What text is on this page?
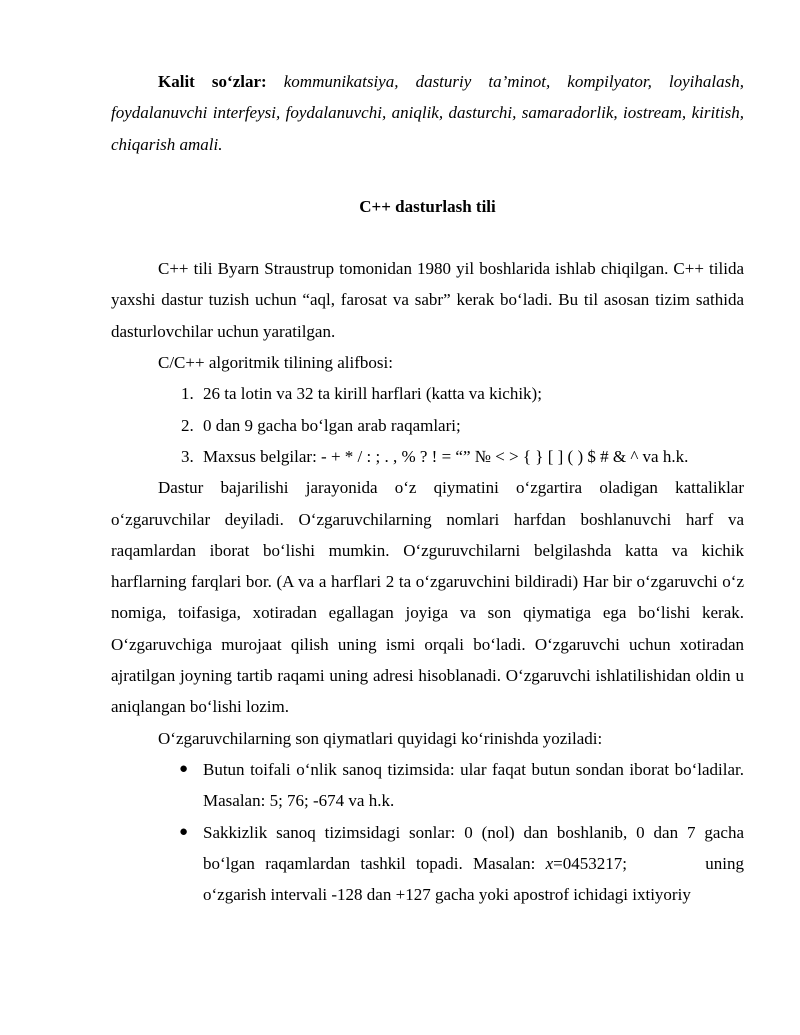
Kalit so‘zlar: kommunikatsiya, dasturiy ta’minot, kompilyator, loyihalash, foydalanuvchi interfeysi, foydalanuvchi, aniqlik, dasturchi, samaradorlik, iostream, kiritish, chiqarish amali.

C++ dasturlash tili

C++ tili Byarn Straustrup tomonidan 1980 yil boshlarida ishlab chiqilgan. C++ tilida yaxshi dastur tuzish uchun “aql, farosat va sabr” kerak bo‘ladi. Bu til asosan tizim sathida dasturlovchilar uchun yaratilgan.

C/C++ algoritmik tilining alifbosi:

1. 26 ta lotin va 32 ta kirill harflari (katta va kichik);
2. 0 dan 9 gacha bo‘lgan arab raqamlari;
3. Maxsus belgilar: - + * / : ; . , % ? ! = “” № < > { } [ ] ( ) $ # & ^ va h.k.

Dastur bajarilishi jarayonida o‘z qiymatini o‘zgartira oladigan kattaliklar o‘zgaruvchilar deyiladi. O‘zgaruvchilarning nomlari harfdan boshlanuvchi harf va raqamlardan iborat bo‘lishi mumkin. O‘zguruvchilarni belgilashda katta va kichik harflarning farqlari bor. (A va a harflari 2 ta o‘zgaruvchini bildiradi) Har bir o‘zgaruvchi o‘z nomiga, toifasiga, xotiradan egallagan joyiga va son qiymatiga ega bo‘lishi kerak. O‘zgaruvchiga murojaat qilish uning ismi orqali bo‘ladi. O‘zgaruvchi uchun xotiradan ajratilgan joyning tartib raqami uning adresi hisoblanadi. O‘zgaruvchi ishlatilishidan oldin u aniqlangan bo‘lishi lozim.

O‘zgaruvchilarning son qiymatlari quyidagi ko‘rinishda yoziladi:

● Butun toifali o‘nlik sanoq tizimsida: ular faqat butun sondan iborat bo‘ladilar. Masalan: 5; 76; -674 va h.k.
● Sakkizlik sanoq tizimsidagi sonlar: 0 (nol) dan boshlanib, 0 dan 7 gacha bo‘lgan raqamlardan tashkil topadi. Masalan: x=0453217;	uning o‘zgarish intervali -128 dan +127 gacha yoki apostrof ichidagi ixtiyoriy
